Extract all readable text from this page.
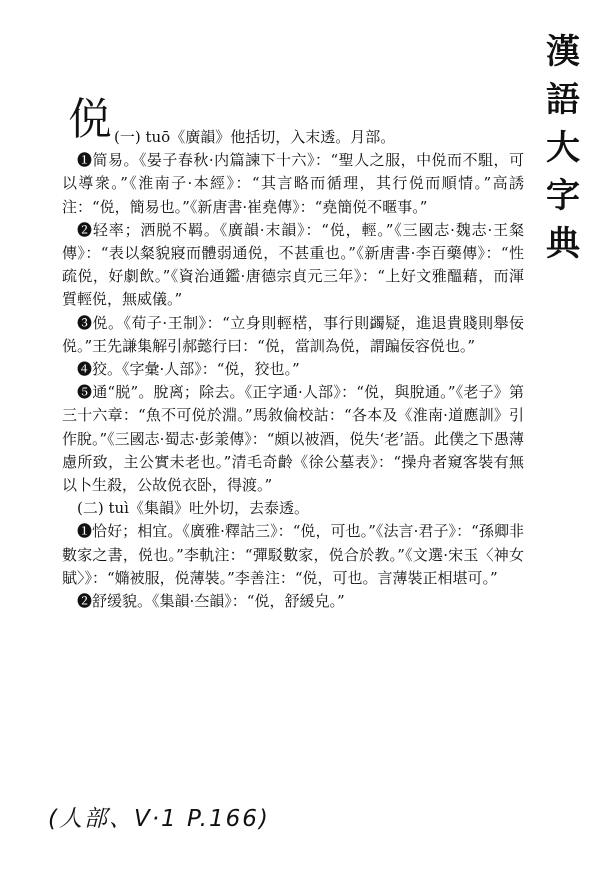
漢
語
大
字
典
侻 (一) tuō《廣韻》他括切，入末透。月部。

❶简易。《晏子春秋·内篇諫下十六》：“聖人之服，中侻而不駔，可以導衆。”《淮南子·本經》：“其言略而循理，其行侻而順情。”高誘注：“侻，簡易也。”《新唐書·崔堯傳》：“堯簡侻不暱事。”

❷轻率；洒脱不羁。《廣韻·末韻》：“侻，輕。”《三國志·魏志·王粲傳》：“表以粲貌寢而體弱通侻，不甚重也。”《新唐書·李百藥傳》：“性疏侻，好劇飲。”《資治通鑑·唐德宗貞元三年》：“上好文雅醞藉，而渾質輕侻，無威儀。”

❸侻。《荀子·王制》：“立身則輕楛，事行則蠲疑，進退貴賤則舉佞侻。”王先謙集解引郝懿行曰：“侻，當訓為侻，謂蹁佞容侻也。”

❹狡。《字彙·人部》：“侻，狡也。”

❺通“脱”。脫离；除去。《正字通·人部》：“侻，與脫通。”《老子》第三十六章：“魚不可侻於淵。”馬敘倫校詁：“各本及《淮南·道應訓》引作脫。”《三國志·蜀志·彭羕傳》：“頗以被酒，侻失‘老’語。此僕之下愚薄慮所致，主公實未老也。”清毛奇齡《徐公墓表》：“操舟者窺客裝有無以卜生殺，公故侻衣卧，得渡。”

(二) tuì《集韻》吐外切，去泰透。

❶恰好；相宜。《廣雅·釋詁三》：“侻，可也。”《法言·君子》：“孫卿非數家之書，侻也。”李軌注：“彈駁數家，侻合於教。”《文選·宋玉〈神女賦〉》：“嫷被服，侻薄裝。”李善注：“侻，可也。言薄裝正相堪可。”

❷舒缓貌。《集韻·夳韻》：“侻，舒緩皃。”

(人部、V·1 P.166)
